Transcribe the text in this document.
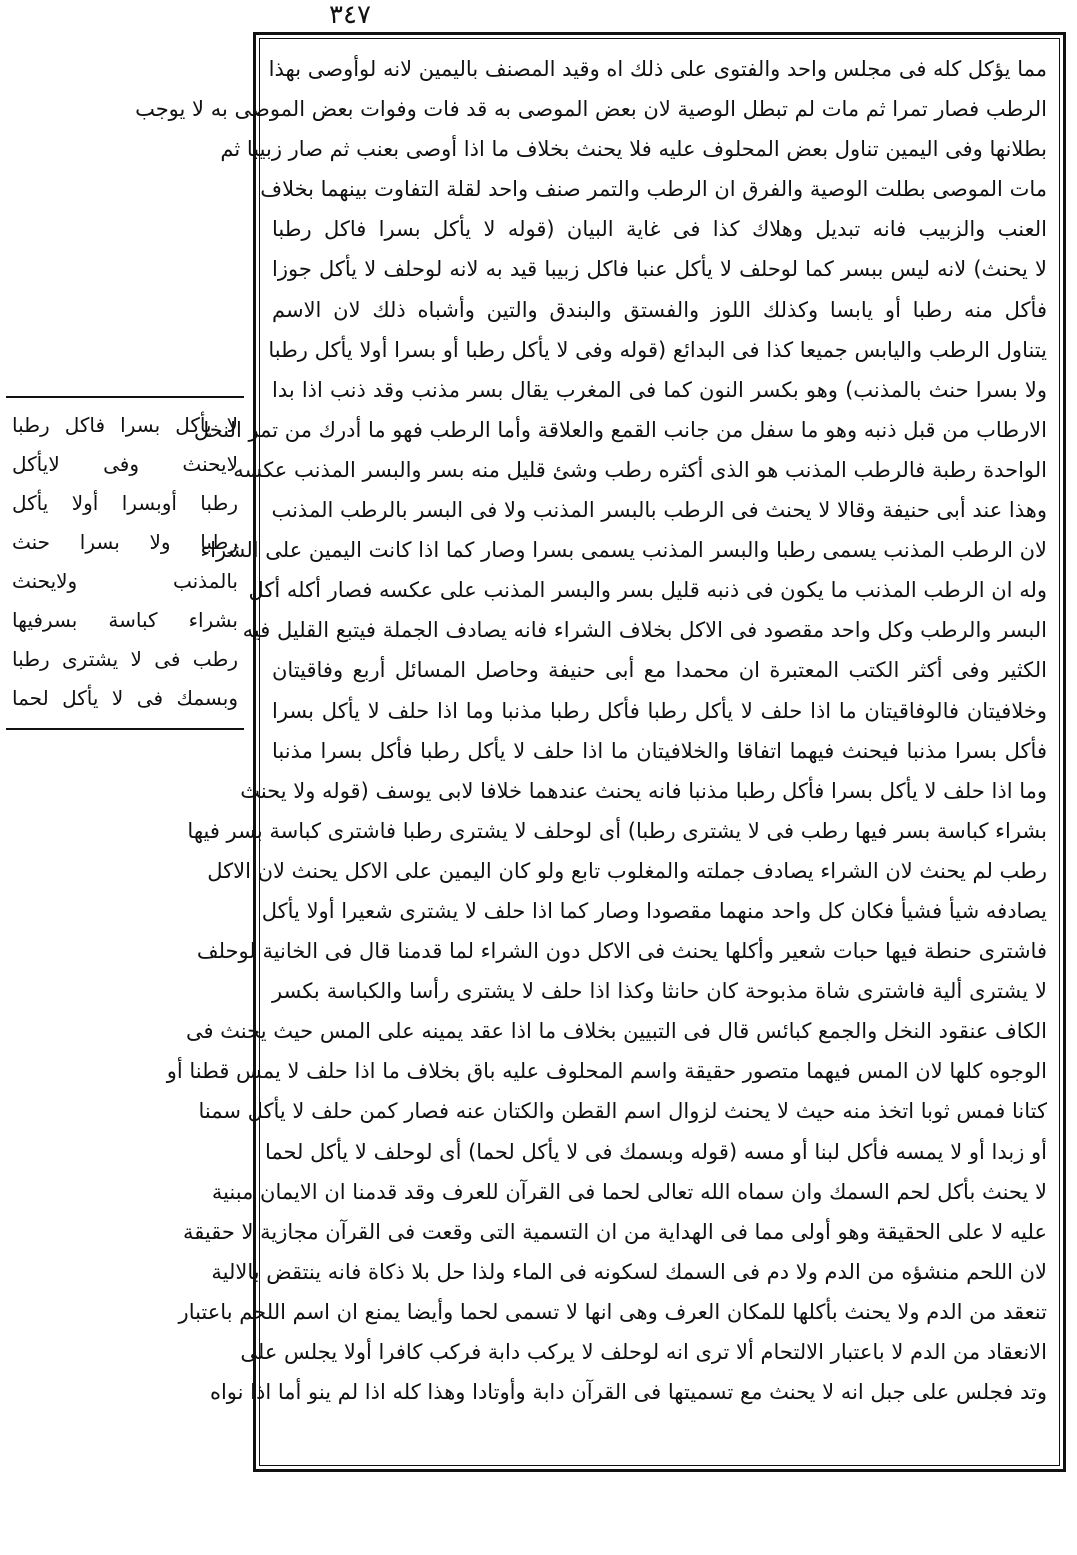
٣٤٧
لا يأكل بسرا فاكل رطبا
لايحنث وفى لايأكل
رطبا أوبسرا أولا يأكل
رطبا ولا بسرا حنث
بالمذنب ولايحنث
بشراء كباسة بسرفيها
رطب فى لا يشترى رطبا
وبسمك فى لا يأكل لحما
مما يؤكل كله فى مجلس واحد والفتوى على ذلك اه وقيد المصنف باليمين لانه لوأوصى بهذا
الرطب فصار تمرا ثم مات لم تبطل الوصية لان بعض الموصى به قد فات وفوات بعض الموصى به لا يوجب
بطلانها وفى اليمين تناول بعض المحلوف عليه فلا يحنث بخلاف ما اذا أوصى بعنب ثم صار زبيبا ثم
مات الموصى بطلت الوصية والفرق ان الرطب والتمر صنف واحد لقلة التفاوت بينهما بخلاف
العنب والزبيب فانه تبديل وهلاك كذا فى غاية البيان (قوله لا يأكل بسرا فاكل رطبا
لا يحنث) لانه ليس ببسر كما لوحلف لا يأكل عنبا فاكل زبيبا قيد به لانه لوحلف لا يأكل جوزا
فأكل منه رطبا أو يابسا وكذلك اللوز والفستق والبندق والتين وأشباه ذلك لان الاسم
يتناول الرطب واليابس جميعا كذا فى البدائع (قوله وفى لا يأكل رطبا أو بسرا أولا يأكل رطبا
ولا بسرا حنث بالمذنب) وهو بكسر النون كما فى المغرب يقال بسر مذنب وقد ذنب اذا بدا
الارطاب من قبل ذنبه وهو ما سفل من جانب القمع والعلاقة وأما الرطب فهو ما أدرك من تمر النخل
الواحدة رطبة فالرطب المذنب هو الذى أكثره رطب وشئ قليل منه بسر والبسر المذنب عكسه
وهذا عند أبى حنيفة وقالا لا يحنث فى الرطب بالبسر المذنب ولا فى البسر بالرطب المذنب
لان الرطب المذنب يسمى رطبا والبسر المذنب يسمى بسرا وصار كما اذا كانت اليمين على الشراء
وله ان الرطب المذنب ما يكون فى ذنبه قليل بسر والبسر المذنب على عكسه فصار أكله أكل
البسر والرطب وكل واحد مقصود فى الاكل بخلاف الشراء فانه يصادف الجملة فيتبع القليل فيه
الكثير وفى أكثر الكتب المعتبرة ان محمدا مع أبى حنيفة وحاصل المسائل أربع وفاقيتان
وخلافيتان فالوفاقيتان ما اذا حلف لا يأكل رطبا فأكل رطبا مذنبا وما اذا حلف لا يأكل بسرا
فأكل بسرا مذنبا فيحنث فيهما اتفاقا والخلافيتان ما اذا حلف لا يأكل رطبا فأكل بسرا مذنبا
وما اذا حلف لا يأكل بسرا فأكل رطبا مذنبا فانه يحنث عندهما خلافا لابى يوسف (قوله ولا يحنث
بشراء كباسة بسر فيها رطب فى لا يشترى رطبا) أى لوحلف لا يشترى رطبا فاشترى كباسة بسر فيها
رطب لم يحنث لان الشراء يصادف جملته والمغلوب تابع ولو كان اليمين على الاكل يحنث لان الاكل
يصادفه شيأ فشيأ فكان كل واحد منهما مقصودا وصار كما اذا حلف لا يشترى شعيرا أولا يأكل
فاشترى حنطة فيها حبات شعير وأكلها يحنث فى الاكل دون الشراء لما قدمنا قال فى الخانية لوحلف
لا يشترى ألية فاشترى شاة مذبوحة كان حانثا وكذا اذا حلف لا يشترى رأسا والكباسة بكسر
الكاف عنقود النخل والجمع كبائس قال فى التبيين بخلاف ما اذا عقد يمينه على المس حيث يحنث فى
الوجوه كلها لان المس فيهما متصور حقيقة واسم المحلوف عليه باق بخلاف ما اذا حلف لا يمس قطنا أو
كتانا فمس ثوبا اتخذ منه حيث لا يحنث لزوال اسم القطن والكتان عنه فصار كمن حلف لا يأكل سمنا
أو زبدا أو لا يمسه فأكل لبنا أو مسه (قوله وبسمك فى لا يأكل لحما) أى لوحلف لا يأكل لحما
لا يحنث بأكل لحم السمك وان سماه الله تعالى لحما فى القرآن للعرف وقد قدمنا ان الايمان مبنية
عليه لا على الحقيقة وهو أولى مما فى الهداية من ان التسمية التى وقعت فى القرآن مجازية لا حقيقة
لان اللحم منشؤه من الدم ولا دم فى السمك لسكونه فى الماء ولذا حل بلا ذكاة فانه ينتقض بالالية
تنعقد من الدم ولا يحنث بأكلها للمكان العرف وهى انها لا تسمى لحما وأيضا يمنع ان اسم اللحم باعتبار
الانعقاد من الدم لا باعتبار الالتحام ألا ترى انه لوحلف لا يركب دابة فركب كافرا أولا يجلس على
وتد فجلس على جبل انه لا يحنث مع تسميتها فى القرآن دابة وأوتادا وهذا كله اذا لم ينو أما اذا نواه
